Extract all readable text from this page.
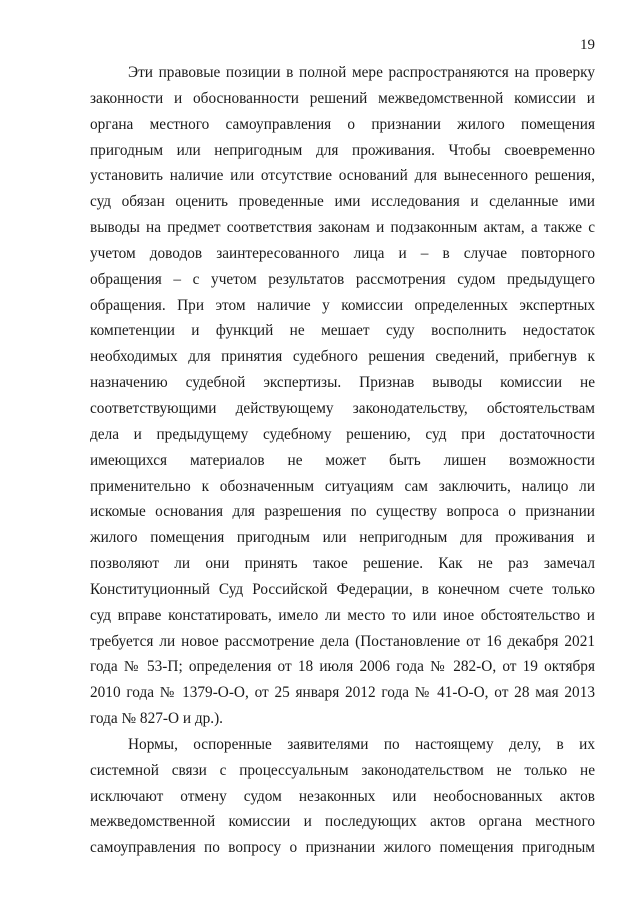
19
Эти правовые позиции в полной мере распространяются на проверку
законности и обоснованности решений межведомственной комиссии и
органа местного самоуправления о признании жилого помещения
пригодным или непригодным для проживания. Чтобы своевременно
установить наличие или отсутствие оснований для вынесенного решения,
суд обязан оценить проведенные ими исследования и сделанные ими
выводы на предмет соответствия законам и подзаконным актам, а также с
учетом доводов заинтересованного лица и – в случае повторного
обращения – с учетом результатов рассмотрения судом предыдущего
обращения. При этом наличие у комиссии определенных экспертных
компетенции и функций не мешает суду восполнить недостаток
необходимых для принятия судебного решения сведений, прибегнув к
назначению судебной экспертизы. Признав выводы комиссии не
соответствующими действующему законодательству, обстоятельствам
дела и предыдущему судебному решению, суд при достаточности
имеющихся материалов не может быть лишен возможности
применительно к обозначенным ситуациям сам заключить, налицо ли
искомые основания для разрешения по существу вопроса о признании
жилого помещения пригодным или непригодным для проживания и
позволяют ли они принять такое решение. Как не раз замечал
Конституционный Суд Российской Федерации, в конечном счете только
суд вправе констатировать, имело ли место то или иное обстоятельство и
требуется ли новое рассмотрение дела (Постановление от 16 декабря 2021
года № 53-П; определения от 18 июля 2006 года № 282-О, от 19 октября
2010 года № 1379-О-О, от 25 января 2012 года № 41-О-О, от 28 мая 2013
года № 827-О и др.).
Нормы, оспоренные заявителями по настоящему делу, в их
системной связи с процессуальным законодательством не только не
исключают отмену судом незаконных или необоснованных актов
межведомственной комиссии и последующих актов органа местного
самоуправления по вопросу о признании жилого помещения пригодным
